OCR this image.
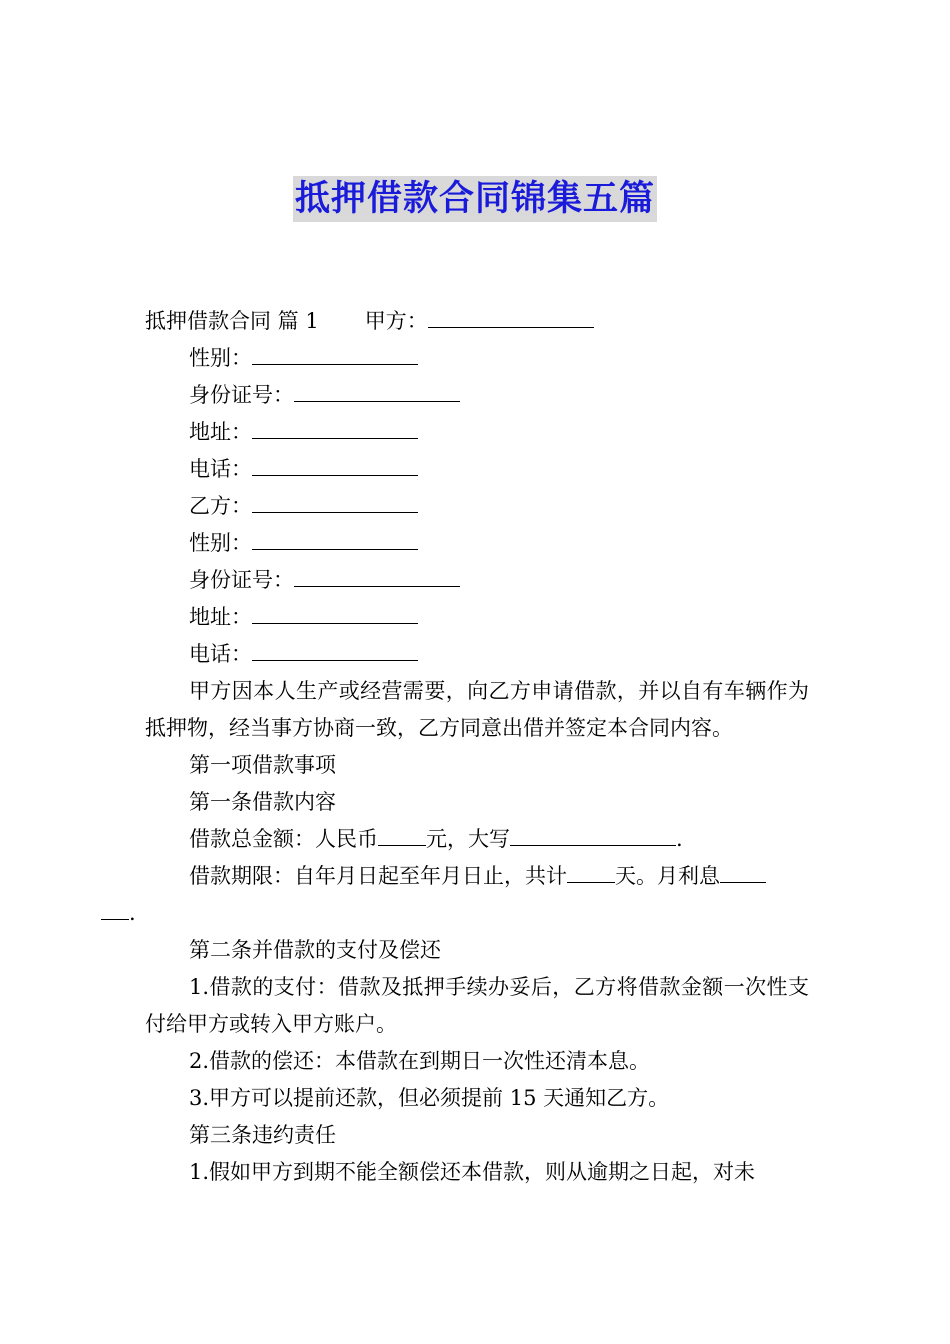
抵押借款合同锦集五篇

抵押借款合同 篇 1 甲方：

性别：

身份证号：

地址：

电话：

乙方：

性别：

身份证号：

地址：

电话：

甲方因本人生产或经营需要，向乙方申请借款，并以自有车辆作为抵押物，经当事方协商一致，乙方同意出借并签定本合同内容。

第一项借款事项

第一条借款内容

借款总金额：人民币 元，大写	.

借款期限：自年月日起至年月日止，共计 天。月利息
.

第二条并借款的支付及偿还

1.借款的支付：借款及抵押手续办妥后，乙方将借款金额一次性支付给甲方或转入甲方账户。

2.借款的偿还：本借款在到期日一次性还清本息。

3.甲方可以提前还款，但必须提前 15 天通知乙方。

第三条违约责任

1.假如甲方到期不能全额偿还本借款，则从逾期之日起，对未
